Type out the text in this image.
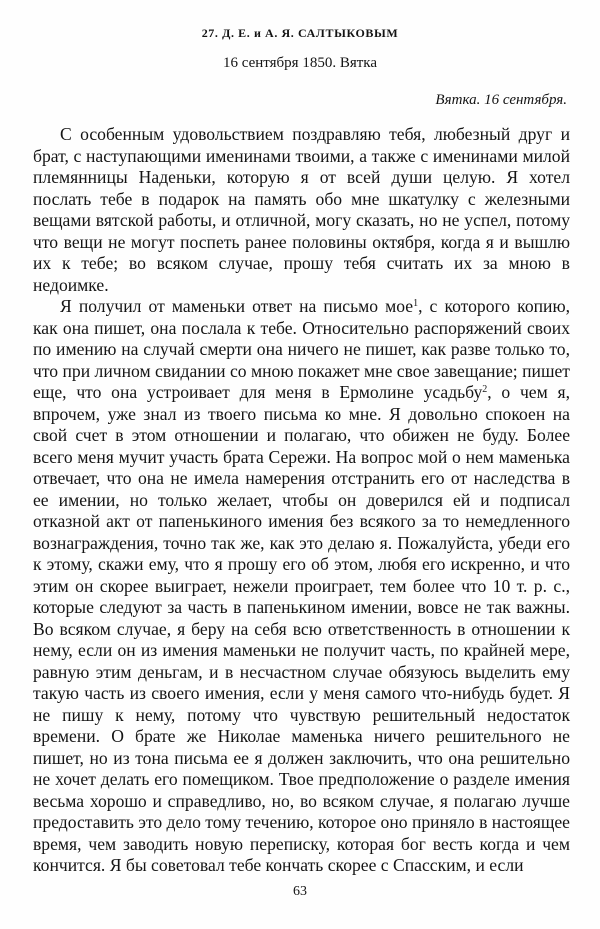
27. Д. Е. и А. Я. САЛТЫКОВЫМ
16 сентября 1850. Вятка
Вятка. 16 сентября.

С особенным удовольствием поздравляю тебя, любезный друг и брат, с наступающими именинами твоими, а также с именинами милой племянницы Наденьки, которую я от всей души целую. Я хотел послать тебе в подарок на память обо мне шкатулку с железными вещами вятской работы, и отличной, могу сказать, но не успел, потому что вещи не могут поспеть ранее половины октября, когда я и вышлю их к тебе; во всяком случае, прошу тебя считать их за мною в недоимке.

Я получил от маменьки ответ на письмо мое$^1$, с которого копию, как она пишет, она послала к тебе. Относительно распоряжений своих по имению на случай смерти она ничего не пишет, как разве только то, что при личном свидании со мною покажет мне свое завещание; пишет еще, что она устроивает для меня в Ермолине усадьбу$^2$, о чем я, впрочем, уже знал из твоего письма ко мне. Я довольно спокоен на свой счет в этом отношении и полагаю, что обижен не буду. Более всего меня мучит участь брата Сережи. На вопрос мой о нем маменька отвечает, что она не имела намерения отстранить его от наследства в ее имении, но только желает, чтобы он доверился ей и подписал отказной акт от папенькиного имения без всякого за то немедленного вознаграждения, точно так же, как это делаю я. Пожалуйста, убеди его к этому, скажи ему, что я прошу его об этом, любя его искренно, и что этим он скорее выиграет, нежели проиграет, тем более что 10 т. р. с., которые следуют за часть в папенькином имении, вовсе не так важны. Во всяком случае, я беру на себя всю ответственность в отношении к нему, если он из имения маменьки не получит часть, по крайней мере, равную этим деньгам, и в несчастном случае обязуюсь выделить ему такую часть из своего имения, если у меня самого что-нибудь будет. Я не пишу к нему, потому что чувствую решительный недостаток времени. О брате же Николае маменька ничего решительного не пишет, но из тона письма ее я должен заключить, что она решительно не хочет делать его помещиком. Твое предположение о разделе имения весьма хорошо и справедливо, но, во всяком случае, я полагаю лучше предоставить это дело тому течению, которое оно приняло в настоящее время, чем заводить новую переписку, которая бог весть когда и чем кончится. Я бы советовал тебе кончать скорее с Спасским, и если

63
